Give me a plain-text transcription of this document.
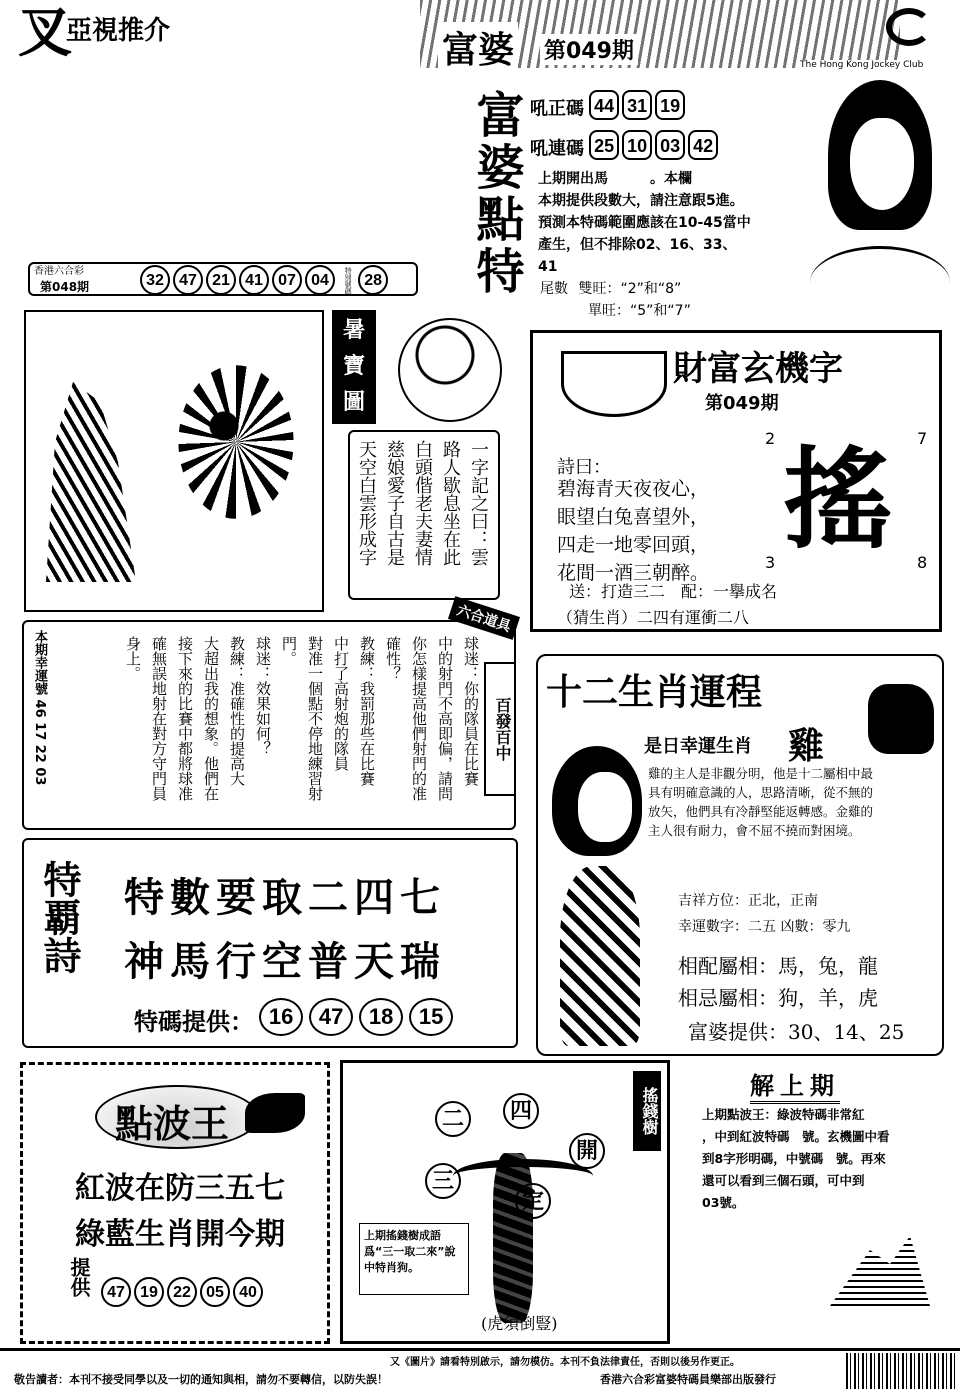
叉
亞視推介	富婆 第049期
The Hong Kong Jockey Club
富婆點特 吼正碼 44 31 19
吼連碼 25 10 03 42
上期開出馬　　　。本欄
本期提供段數大，請注意跟5進。
預測本特碼範圍應該在10-45當中
產生，但不排除02、16、33、
41
尾數 雙旺：“2”和“8”
單旺：“5”和“7”
香港六合彩
第048期	32 47 21 41 07 04 特別號碼 28
暑
寶
圖
一字記之曰：雲
路人歇息坐在此
白頭偕老夫妻情
慈娘愛子自古是
天空白雲形成字
財富玄機字
第049期
詩曰：
碧海青天夜夜心，
眼望白兔喜望外，
四走一地零回頭，
花間一酒三朝醉。
2	7
3	8
搖
送：打造三二　配：一擧成名
（猜生肖）二四有運衝二八
本期幸運號 46 17 22 03	球迷：你的隊員在比賽
中的射門不高即偏，請問
你怎樣提高他們射門的准
確性？
教練：我罰那些在比賽
中打了高射炮的隊員
對准一個點不停地練習射
門。
球迷：效果如何？
教練：准確性的提高大
大超出我的想象。他們在
接下來的比賽中都將球准
確無誤地射在對方守門員
身上。
百發百中
六合道具
十二生肖運程
是日幸運生肖 雞
雞的主人是非觀分明，他是十二屬相中最
具有明確意識的人，思路清晰，從不無的
放矢，他們具有冷靜堅能返轉感。金雞的
主人很有耐力，會不屈不撓而對困境。
吉祥方位：正北，正南
幸運數字：二五 凶數：零九
相配屬相：馬，兔，龍
相忌屬相：狗，羊，虎
富婆提供：30、14、25
特覇詩 特數要取二四七
神馬行空普天瑞
特碼提供： 16 47 18 15
點波王
紅波在防三五七
綠藍生肖開今期
提供	47 19 22 05 40
搖錢樹
二	四
開
三
定
上期搖錢樹成語爲“三一取二來”說中特肖狗。
(虎須倒豎)
解上期
上期點波王：綠波特碼非常紅
，中到紅波特碼　號。玄機圖中看
到8字形明碼，中號碼　號。再來
還可以看到三個石頭，可中到
03號。
又《圖片》請看特別啟示，請勿模仿。本刊不負法律責任，否則以後另作更正。
敬告讀者：本刊不接受同學以及一切的通知與相，請勿不要轉信，以防失誤！	香港六合彩富婆特碼員樂部出版發行
